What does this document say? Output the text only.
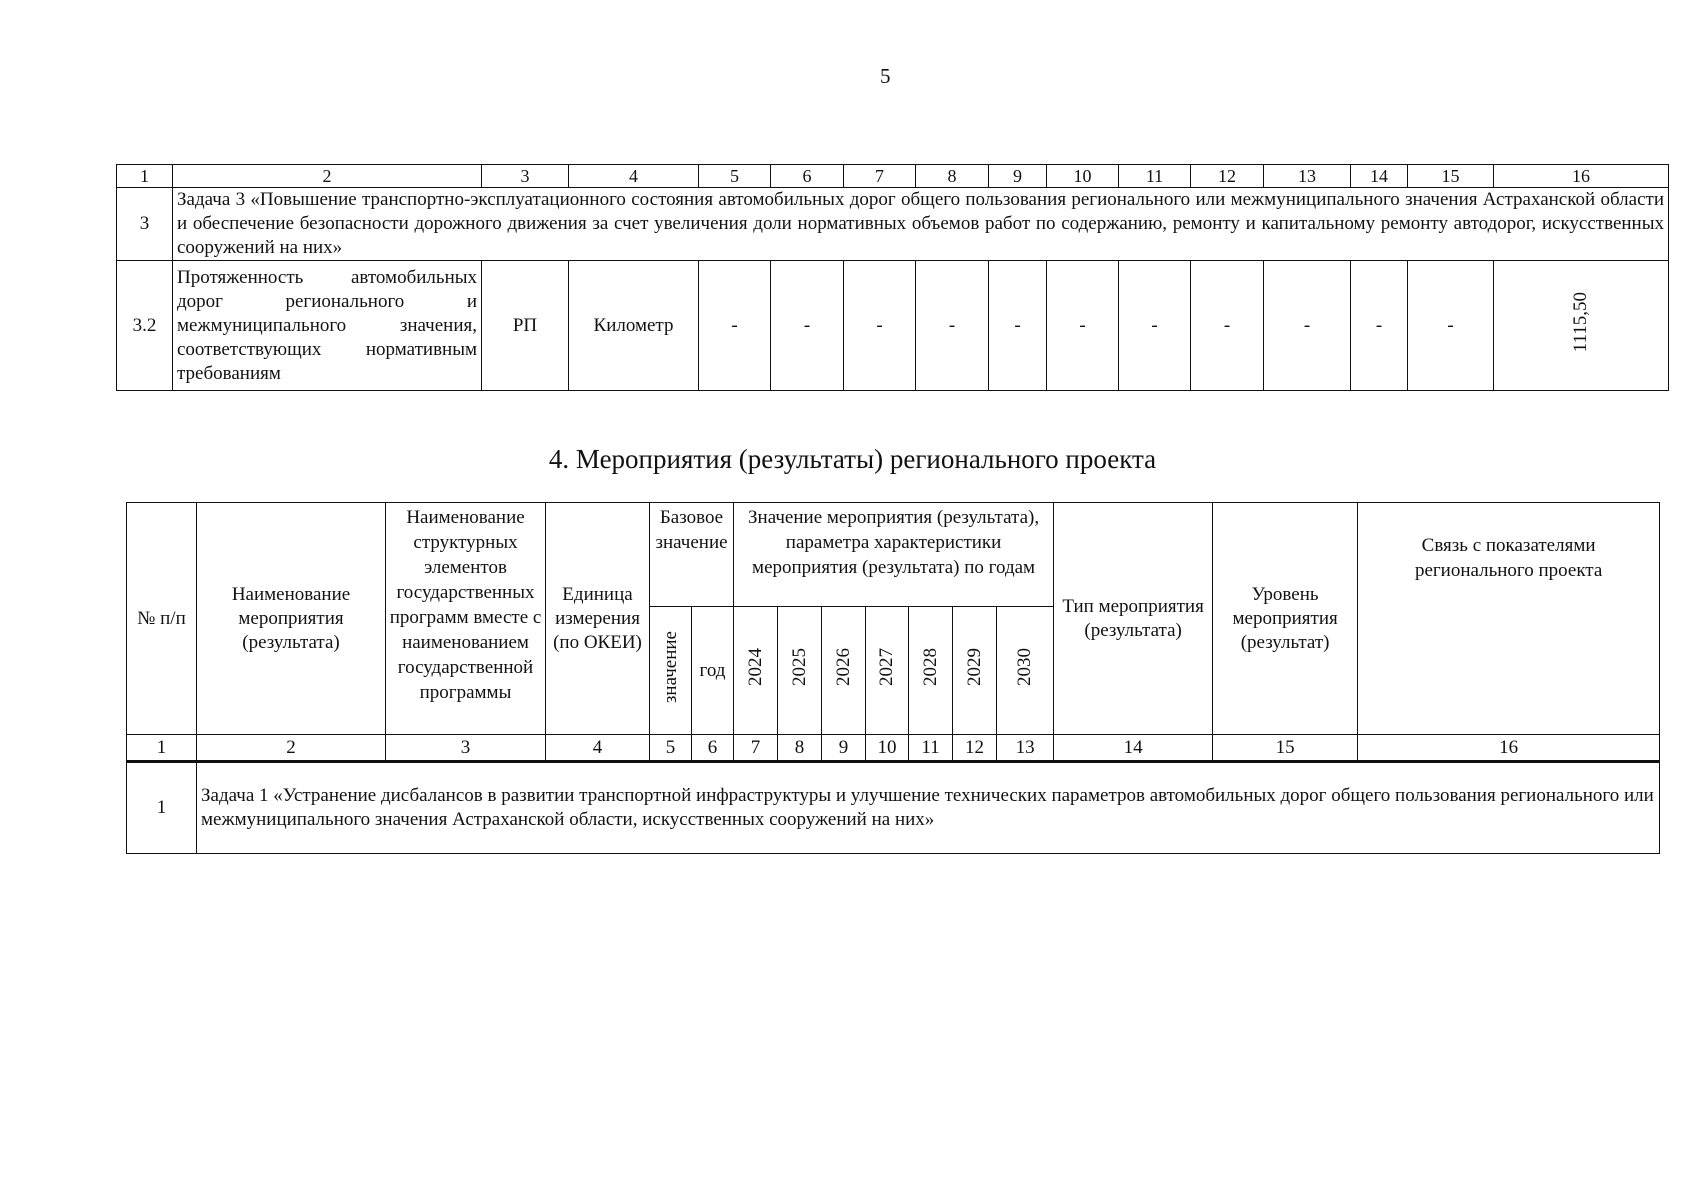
5
1	2	3	4	5	6	7	8	9	10	11	12	13	14	15	16
3	Задача 3 «Повышение транспортно-эксплуатационного состояния автомобильных дорог общего пользования регионального или межмуниципального значения Астраханской области и обеспечение безопасности дорожного движения за счет увеличения доли нормативных объемов работ по содержанию, ремонту и капитальному ремонту автодорог, искусственных сооружений на них»														
3.2	Протяженность автомобильных дорог регионального и межмуниципального значения, соответствующих нормативным требованиям	РП	Километр	-	-	-	-	-	-	-	-	-	-	-	1115,50
4. Мероприятия (результаты) регионального проекта
№ п/п	Наименование мероприятия (результата)	Наименование структурных элементов государственных программ вместе с наименованием государственной программы	Единица измерения (по ОКЕИ)	Базовое значение		Значение мероприятия (результата), параметра характеристики мероприятия (результата) по годам							Тип мероприятия (результата)	Уровень мероприятия (результат)	Связь с показателями регионального проекта
				значение	год	2024	2025	2026	2027	2028	2029	2030			
1	2	3	4	5	6	7	8	9	10	11	12	13	14	15	16
1	Задача 1 «Устранение дисбалансов в развитии транспортной инфраструктуры и улучшение технических параметров автомобильных дорог общего пользования регионального или межмуниципального значения Астраханской области, искусственных сооружений на них»														
